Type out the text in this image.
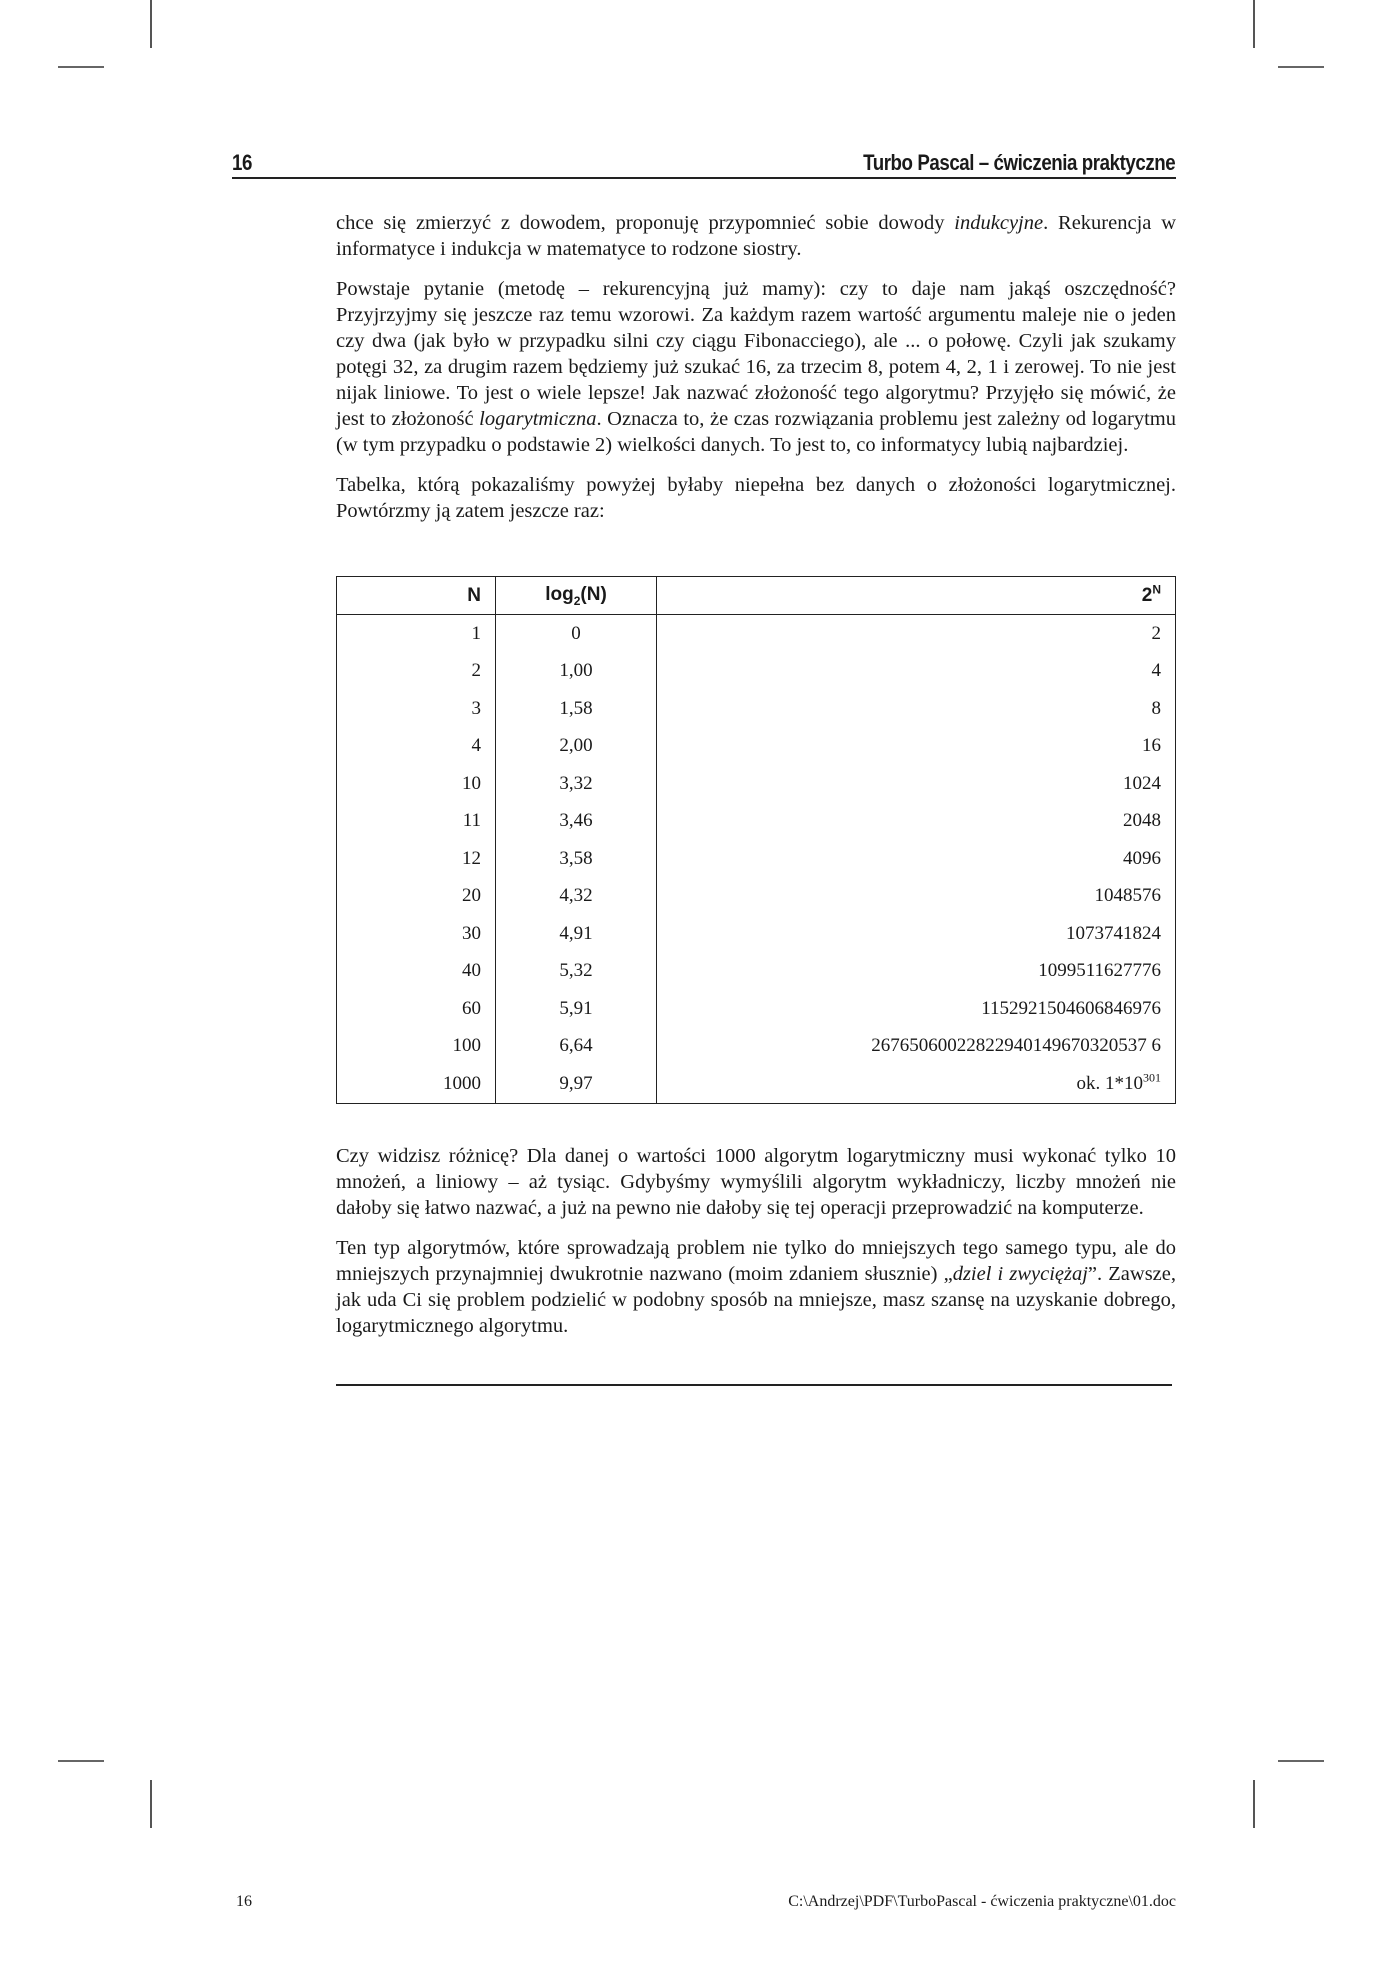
16	Turbo Pascal – ćwiczenia praktyczne

chce się zmierzyć z dowodem, proponuję przypomnieć sobie dowody indukcyjne. Rekurencja w informatyce i indukcja w matematyce to rodzone siostry.

Powstaje pytanie (metodę – rekurencyjną już mamy): czy to daje nam jakąś oszczędność? Przyjrzyjmy się jeszcze raz temu wzorowi. Za każdym razem wartość argumentu maleje nie o jeden czy dwa (jak było w przypadku silni czy ciągu Fibonacciego), ale ... o połowę. Czyli jak szukamy potęgi 32, za drugim razem będziemy już szukać 16, za trzecim 8, potem 4, 2, 1 i zerowej. To nie jest nijak liniowe. To jest o wiele lepsze! Jak nazwać złożoność tego algorytmu? Przyjęło się mówić, że jest to złożoność logarytmiczna. Oznacza to, że czas rozwiązania problemu jest zależny od logarytmu (w tym przypadku o podstawie 2) wielkości danych. To jest to, co informatycy lubią najbardziej.

Tabelka, którą pokazaliśmy powyżej byłaby niepełna bez danych o złożoności logarytmicznej. Powtórzmy ją zatem jeszcze raz:

N	$\log_2(N)$	$2^N$
1	0	2
2	1,00	4
3	1,58	8
4	2,00	16
10	3,32	1024
11	3,46	2048
12	3,58	4096
20	4,32	1048576
30	4,91	1073741824
40	5,32	1099511627776
60	5,91	1152921504606846976
100	6,64	26765060022822940149670320537 6
1000	9,97	ok. $1*10^{301}$

Czy widzisz różnicę? Dla danej o wartości 1000 algorytm logarytmiczny musi wykonać tylko 10 mnożeń, a liniowy – aż tysiąc. Gdybyśmy wymyślili algorytm wykładniczy, liczby mnożeń nie dałoby się łatwo nazwać, a już na pewno nie dałoby się tej operacji przeprowadzić na komputerze.

Ten typ algorytmów, które sprowadzają problem nie tylko do mniejszych tego samego typu, ale do mniejszych przynajmniej dwukrotnie nazwano (moim zdaniem słusznie) „dziel i zwyciężaj”. Zawsze, jak uda Ci się problem podzielić w podobny sposób na mniejsze, masz szansę na uzyskanie dobrego, logarytmicznego algorytmu.

16	C:\Andrzej\PDF\TurboPascal - ćwiczenia praktyczne\01.doc
